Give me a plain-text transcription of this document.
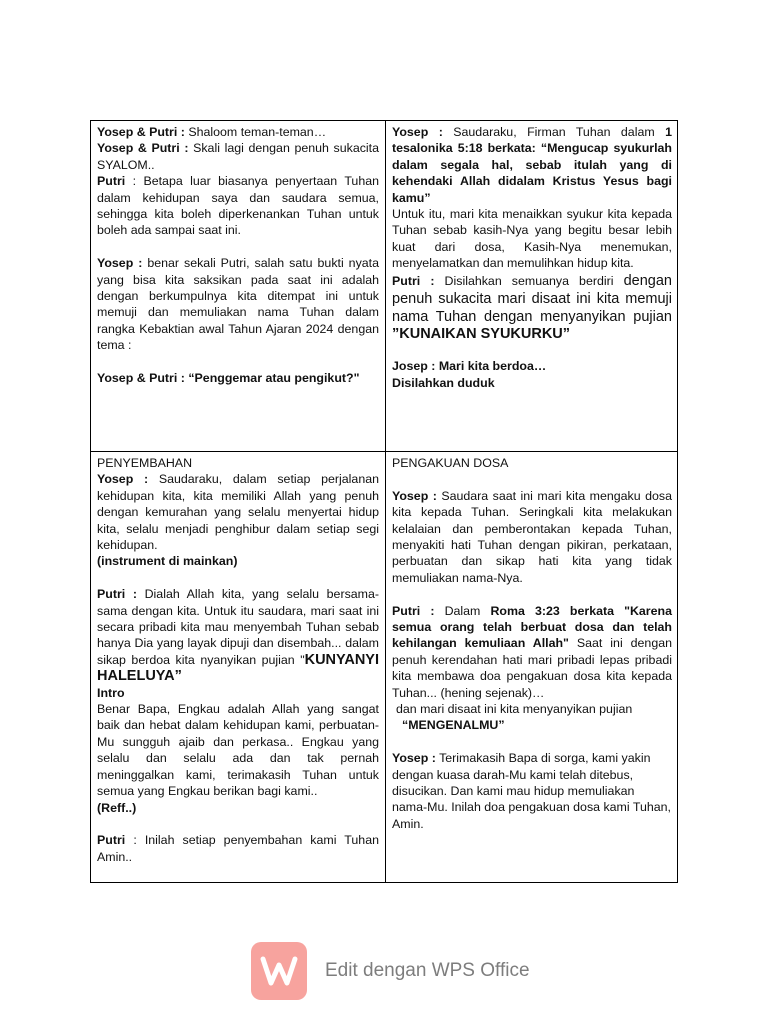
Yosep & Putri : Shaloom teman-teman…

Yosep & Putri : Skali lagi dengan penuh sukacita SYALOM..

Putri : Betapa luar biasanya penyertaan Tuhan dalam kehidupan saya dan saudara semua, sehingga kita boleh diperkenankan Tuhan untuk boleh ada sampai saat ini.

Yosep : benar sekali Putri, salah satu bukti nyata yang bisa kita saksikan pada saat ini adalah dengan berkumpulnya kita ditempat ini untuk memuji dan memuliakan nama Tuhan dalam rangka Kebaktian awal Tahun Ajaran 2024 dengan tema :

Yosep & Putri : “Penggemar atau pengikut?"

Yosep : Saudaraku, Firman Tuhan dalam 1 tesalonika 5:18 berkata: “Mengucap syukurlah dalam segala hal, sebab itulah yang di kehendaki Allah didalam Kristus Yesus bagi kamu”

Untuk itu, mari kita menaikkan syukur kita kepada Tuhan sebab kasih-Nya yang begitu besar lebih kuat dari dosa, Kasih-Nya menemukan, menyelamatkan dan memulihkan hidup kita.

Putri : Disilahkan semuanya berdiri dengan penuh sukacita mari disaat ini kita memuji nama Tuhan dengan menyanyikan pujian ”KUNAIKAN SYUKURKU”

Josep : Mari kita berdoa…

Disilahkan duduk

PENYEMBAHAN

Yosep : Saudaraku, dalam setiap perjalanan kehidupan kita, kita memiliki Allah yang penuh dengan kemurahan yang selalu menyertai hidup kita, selalu menjadi penghibur dalam setiap segi kehidupan.

(instrument di mainkan)

Putri : Dialah Allah kita, yang selalu bersama-sama dengan kita. Untuk itu saudara, mari saat ini secara pribadi kita mau menyembah Tuhan sebab hanya Dia yang layak dipuji dan disembah... dalam sikap berdoa kita nyanyikan pujian "KUNYANYI HALELUYA”

Intro

Benar Bapa, Engkau adalah Allah yang sangat baik dan hebat dalam kehidupan kami, perbuatan-Mu sungguh ajaib dan perkasa.. Engkau yang selalu dan selalu ada dan tak pernah meninggalkan kami, terimakasih Tuhan untuk semua yang Engkau berikan bagi kami..

(Reff..)

Putri : Inilah setiap penyembahan kami Tuhan Amin..

PENGAKUAN DOSA

Yosep : Saudara saat ini mari kita mengaku dosa kita kepada Tuhan. Seringkali kita melakukan kelalaian dan pemberontakan kepada Tuhan, menyakiti hati Tuhan dengan pikiran, perkataan, perbuatan dan sikap hati kita yang tidak memuliakan nama-Nya.

Putri : Dalam Roma 3:23 berkata "Karena semua orang telah berbuat dosa dan telah kehilangan kemuliaan Allah" Saat ini dengan penuh kerendahan hati mari pribadi lepas pribadi kita membawa doa pengakuan dosa kita kepada Tuhan... (hening sejenak)…

dan mari disaat ini kita menyanyikan pujian

“MENGENALMU”

Yosep : Terimakasih Bapa di sorga, kami yakin dengan kuasa darah-Mu kami telah ditebus, disucikan. Dan kami mau hidup memuliakan nama-Mu. Inilah doa pengakuan dosa kami Tuhan, Amin.

Edit dengan WPS Office
